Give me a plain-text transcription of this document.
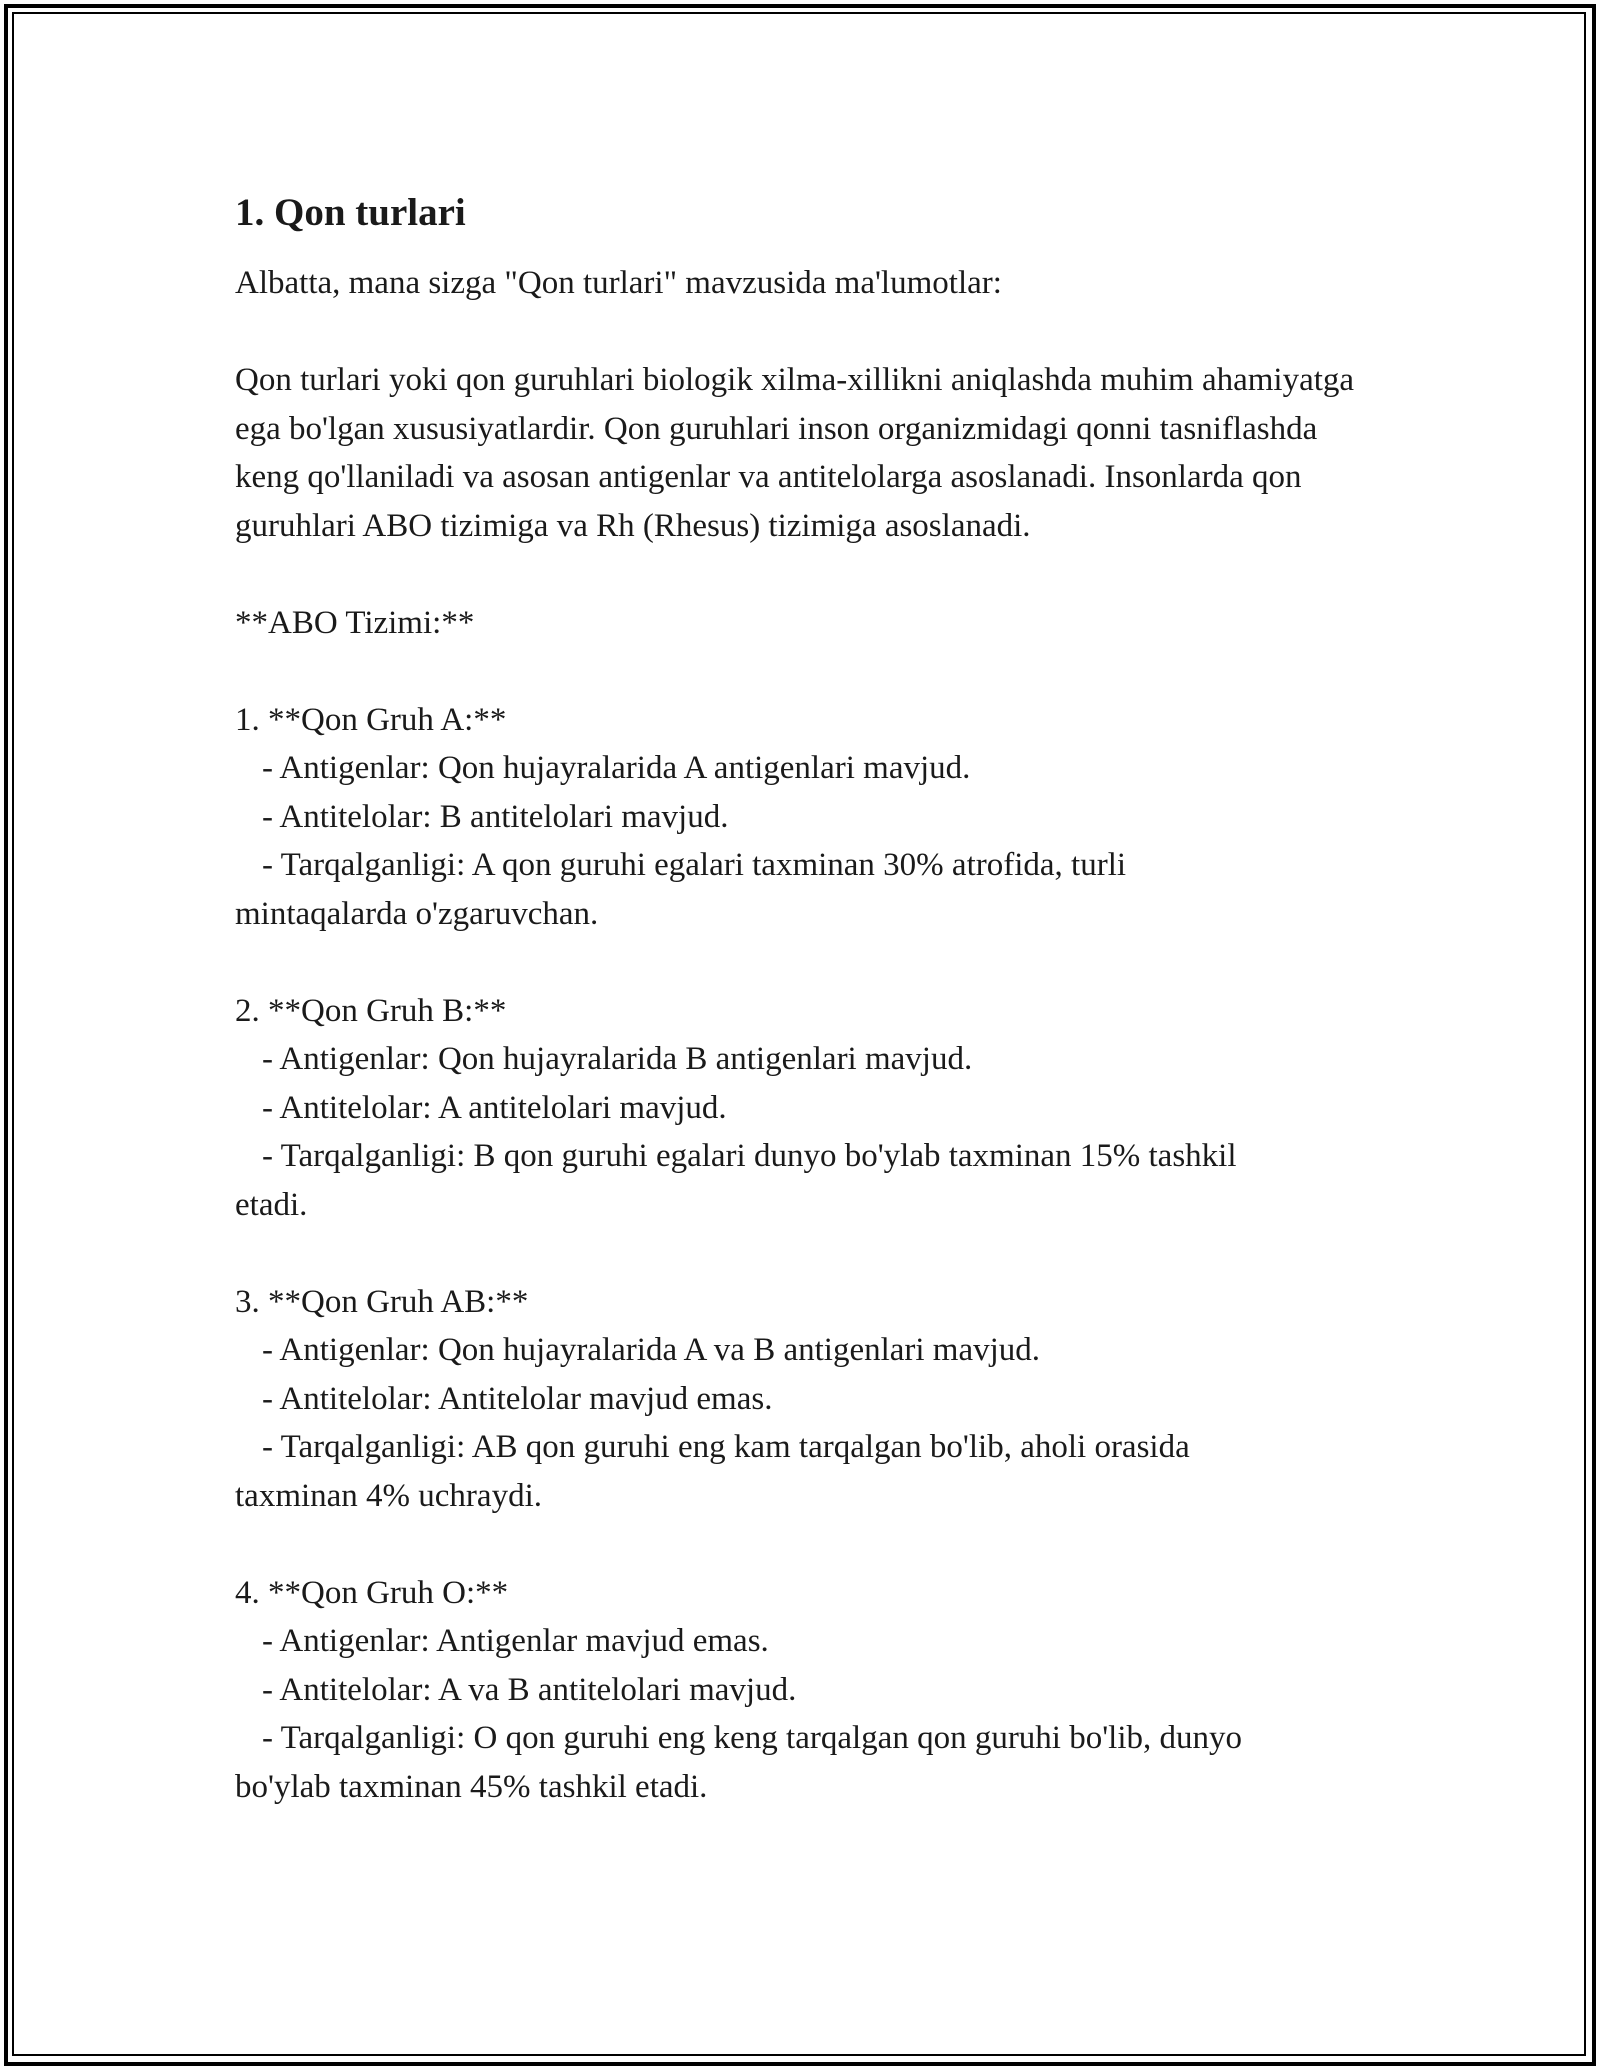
1. Qon turlari

Albatta, mana sizga "Qon turlari" mavzusida ma'lumotlar:

Qon turlari yoki qon guruhlari biologik xilma-xillikni aniqlashda muhim ahamiyatga ega bo'lgan xususiyatlardir. Qon guruhlari inson organizmidagi qonni tasniflashda keng qo'llaniladi va asosan antigenlar va antitelolarga asoslanadi. Insonlarda qon guruhlari ABO tizimiga va Rh (Rhesus) tizimiga asoslanadi.

**ABO Tizimi:**

1. **Qon Gruh A:**

- Antigenlar: Qon hujayralarida A antigenlari mavjud.

- Antitelolar: B antitelolari mavjud.

- Tarqalganligi: A qon guruhi egalari taxminan 30% atrofida, turli

mintaqalarda o'zgaruvchan.

2. **Qon Gruh B:**

- Antigenlar: Qon hujayralarida B antigenlari mavjud.

- Antitelolar: A antitelolari mavjud.

- Tarqalganligi: B qon guruhi egalari dunyo bo'ylab taxminan 15% tashkil

etadi.

3. **Qon Gruh AB:**

- Antigenlar: Qon hujayralarida A va B antigenlari mavjud.

- Antitelolar: Antitelolar mavjud emas.

- Tarqalganligi: AB qon guruhi eng kam tarqalgan bo'lib, aholi orasida

taxminan 4% uchraydi.

4. **Qon Gruh O:**

- Antigenlar: Antigenlar mavjud emas.

- Antitelolar: A va B antitelolari mavjud.

- Tarqalganligi: O qon guruhi eng keng tarqalgan qon guruhi bo'lib, dunyo

bo'ylab taxminan 45% tashkil etadi.
